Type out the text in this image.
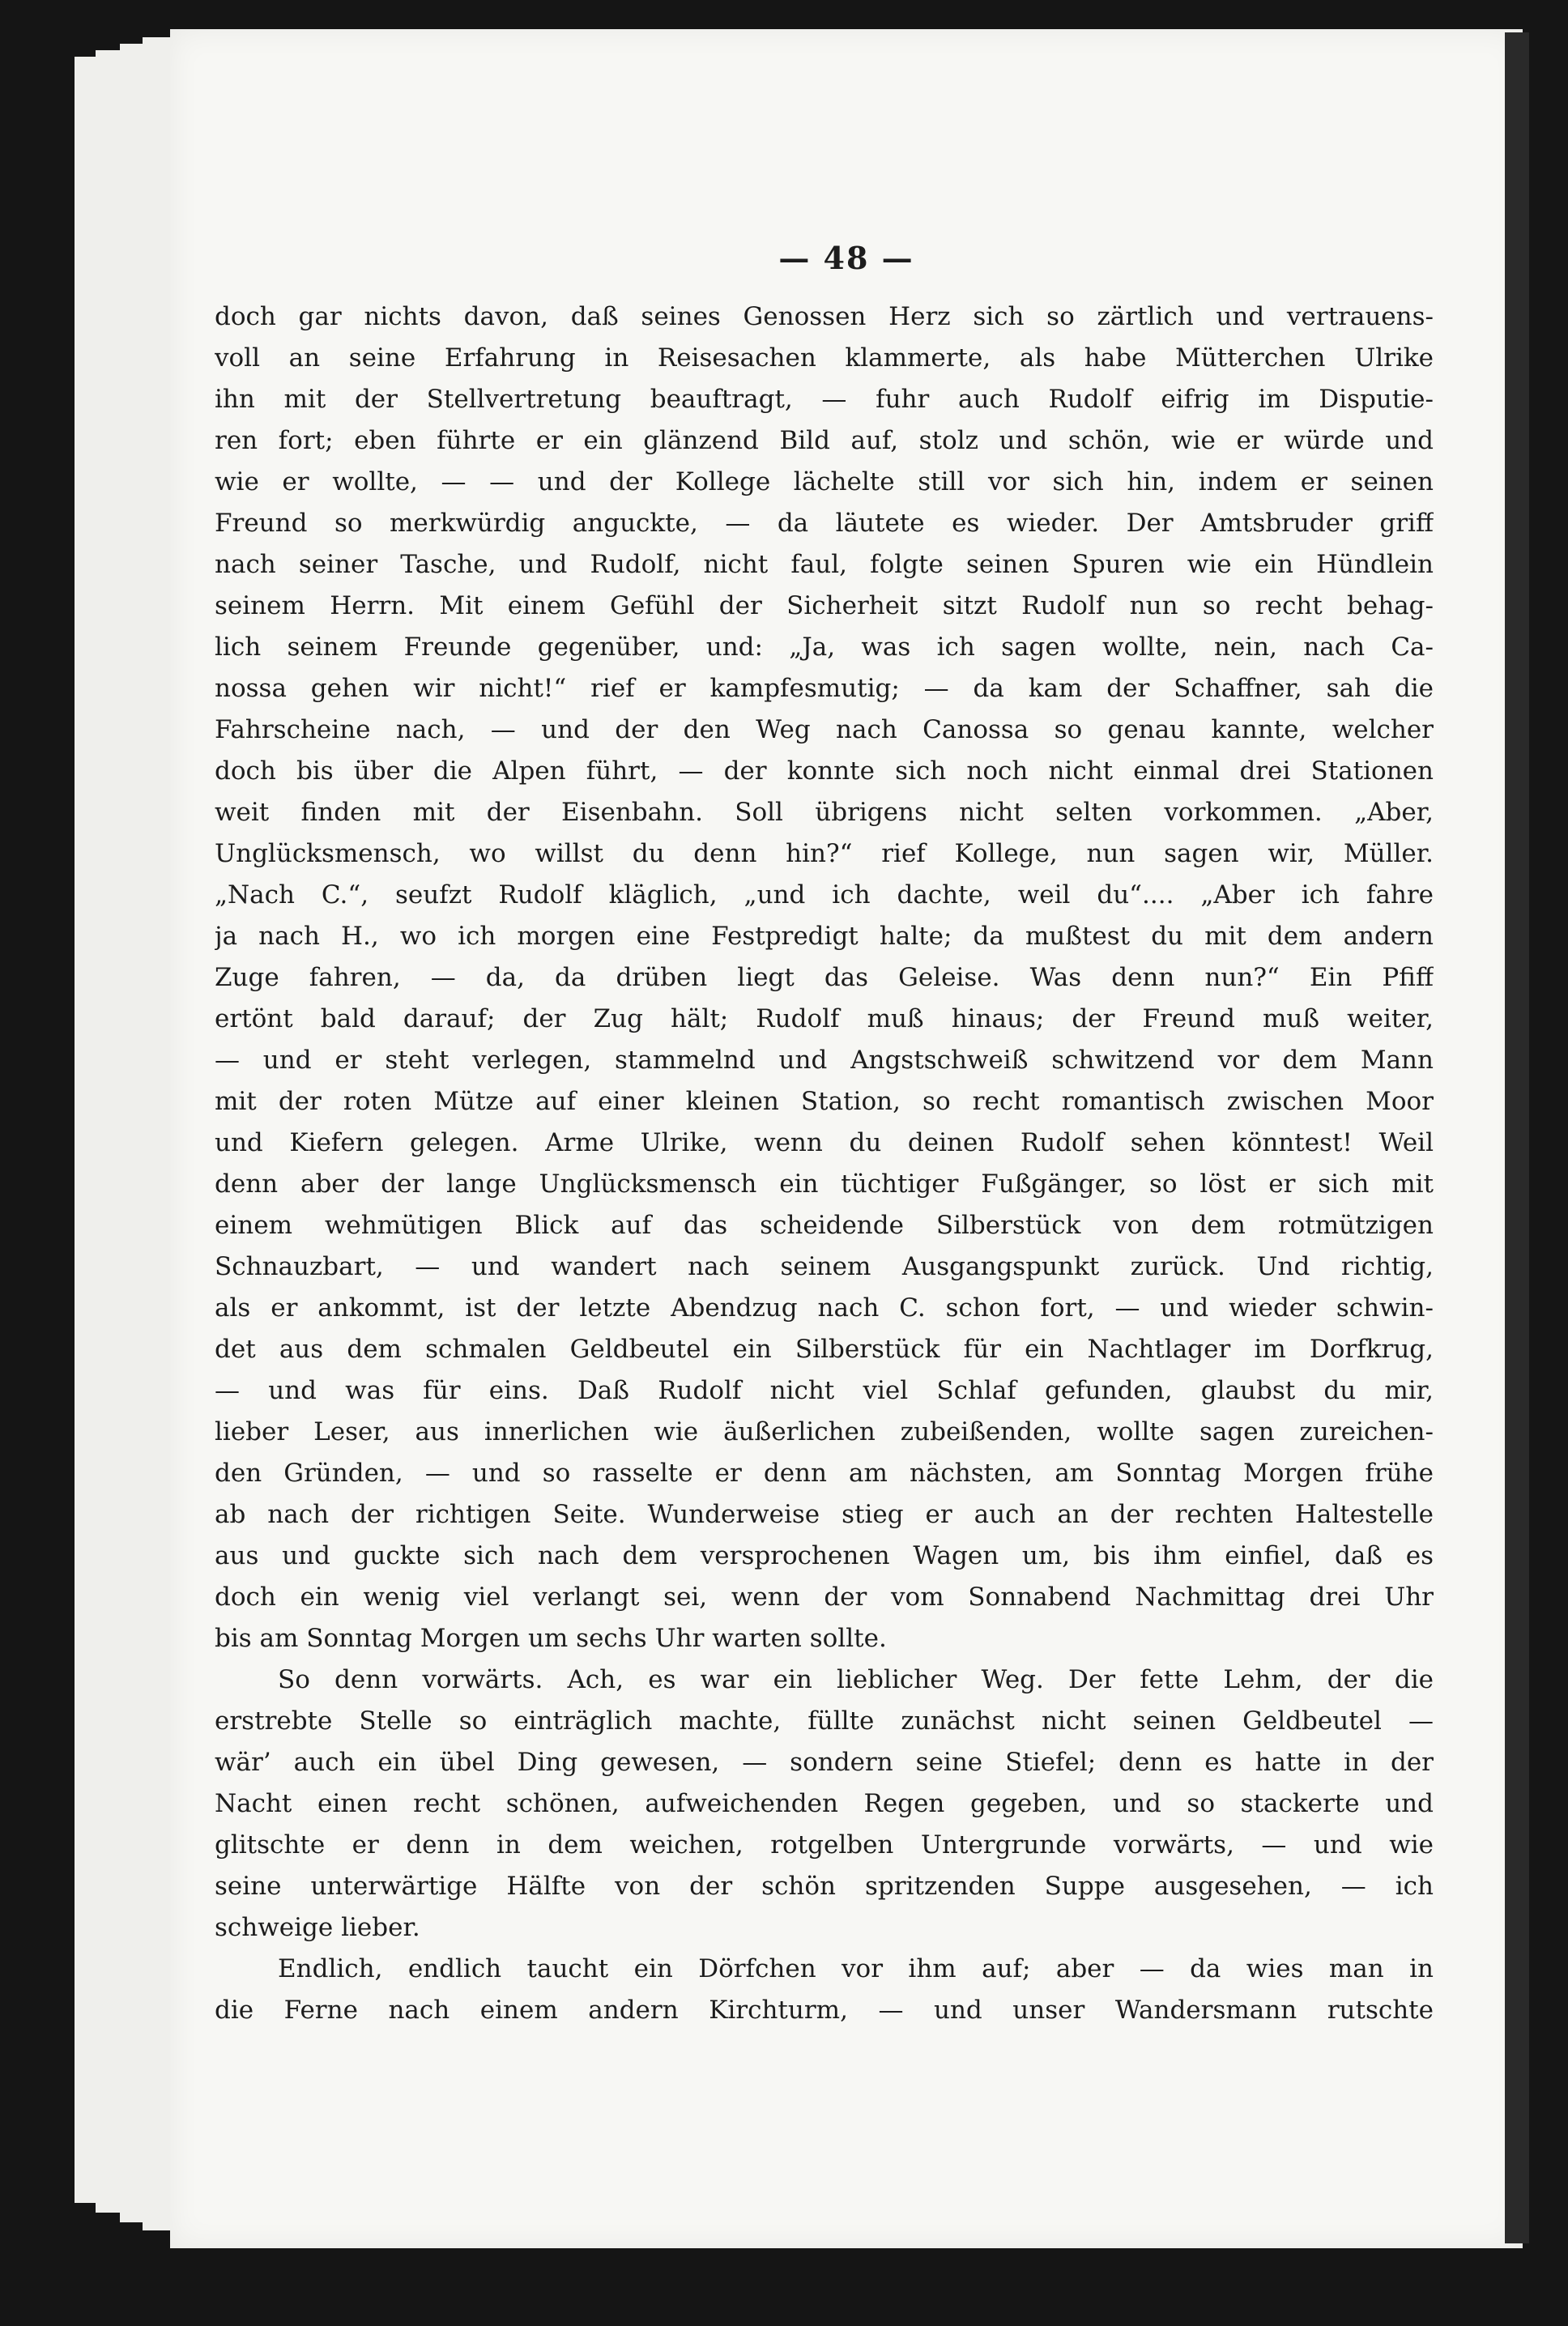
— 48 —
doch gar nichts davon, daß seines Genossen Herz sich so zärtlich und vertrauens-
voll an seine Erfahrung in Reisesachen klammerte, als habe Mütterchen Ulrike
ihn mit der Stellvertretung beauftragt, — fuhr auch Rudolf eifrig im Disputie-
ren fort; eben führte er ein glänzend Bild auf, stolz und schön, wie er würde und
wie er wollte, — — und der Kollege lächelte still vor sich hin, indem er seinen
Freund so merkwürdig anguckte, — da läutete es wieder. Der Amtsbruder griff
nach seiner Tasche, und Rudolf, nicht faul, folgte seinen Spuren wie ein Hündlein
seinem Herrn. Mit einem Gefühl der Sicherheit sitzt Rudolf nun so recht behag-
lich seinem Freunde gegenüber, und: „Ja, was ich sagen wollte, nein, nach Ca-
nossa gehen wir nicht!“ rief er kampfesmutig; — da kam der Schaffner, sah die
Fahrscheine nach, — und der den Weg nach Canossa so genau kannte, welcher
doch bis über die Alpen führt, — der konnte sich noch nicht einmal drei Stationen
weit finden mit der Eisenbahn. Soll übrigens nicht selten vorkommen. „Aber,
Unglücksmensch, wo willst du denn hin?“ rief Kollege, nun sagen wir, Müller.
„Nach C.“, seufzt Rudolf kläglich, „und ich dachte, weil du“.... „Aber ich fahre
ja nach H., wo ich morgen eine Festpredigt halte; da mußtest du mit dem andern
Zuge fahren, — da, da drüben liegt das Geleise. Was denn nun?“ Ein Pfiff
ertönt bald darauf; der Zug hält; Rudolf muß hinaus; der Freund muß weiter,
— und er steht verlegen, stammelnd und Angstschweiß schwitzend vor dem Mann
mit der roten Mütze auf einer kleinen Station, so recht romantisch zwischen Moor
und Kiefern gelegen. Arme Ulrike, wenn du deinen Rudolf sehen könntest! Weil
denn aber der lange Unglücksmensch ein tüchtiger Fußgänger, so löst er sich mit
einem wehmütigen Blick auf das scheidende Silberstück von dem rotmützigen
Schnauzbart, — und wandert nach seinem Ausgangspunkt zurück. Und richtig,
als er ankommt, ist der letzte Abendzug nach C. schon fort, — und wieder schwin-
det aus dem schmalen Geldbeutel ein Silberstück für ein Nachtlager im Dorfkrug,
— und was für eins. Daß Rudolf nicht viel Schlaf gefunden, glaubst du mir,
lieber Leser, aus innerlichen wie äußerlichen zubeißenden, wollte sagen zureichen-
den Gründen, — und so rasselte er denn am nächsten, am Sonntag Morgen frühe
ab nach der richtigen Seite. Wunderweise stieg er auch an der rechten Haltestelle
aus und guckte sich nach dem versprochenen Wagen um, bis ihm einfiel, daß es
doch ein wenig viel verlangt sei, wenn der vom Sonnabend Nachmittag drei Uhr
bis am Sonntag Morgen um sechs Uhr warten sollte.
So denn vorwärts. Ach, es war ein lieblicher Weg. Der fette Lehm, der die
erstrebte Stelle so einträglich machte, füllte zunächst nicht seinen Geldbeutel —
wär’ auch ein übel Ding gewesen, — sondern seine Stiefel; denn es hatte in der
Nacht einen recht schönen, aufweichenden Regen gegeben, und so stackerte und
glitschte er denn in dem weichen, rotgelben Untergrunde vorwärts, — und wie
seine unterwärtige Hälfte von der schön spritzenden Suppe ausgesehen, — ich
schweige lieber.
Endlich, endlich taucht ein Dörfchen vor ihm auf; aber — da wies man in
die Ferne nach einem andern Kirchturm, — und unser Wandersmann rutschte
